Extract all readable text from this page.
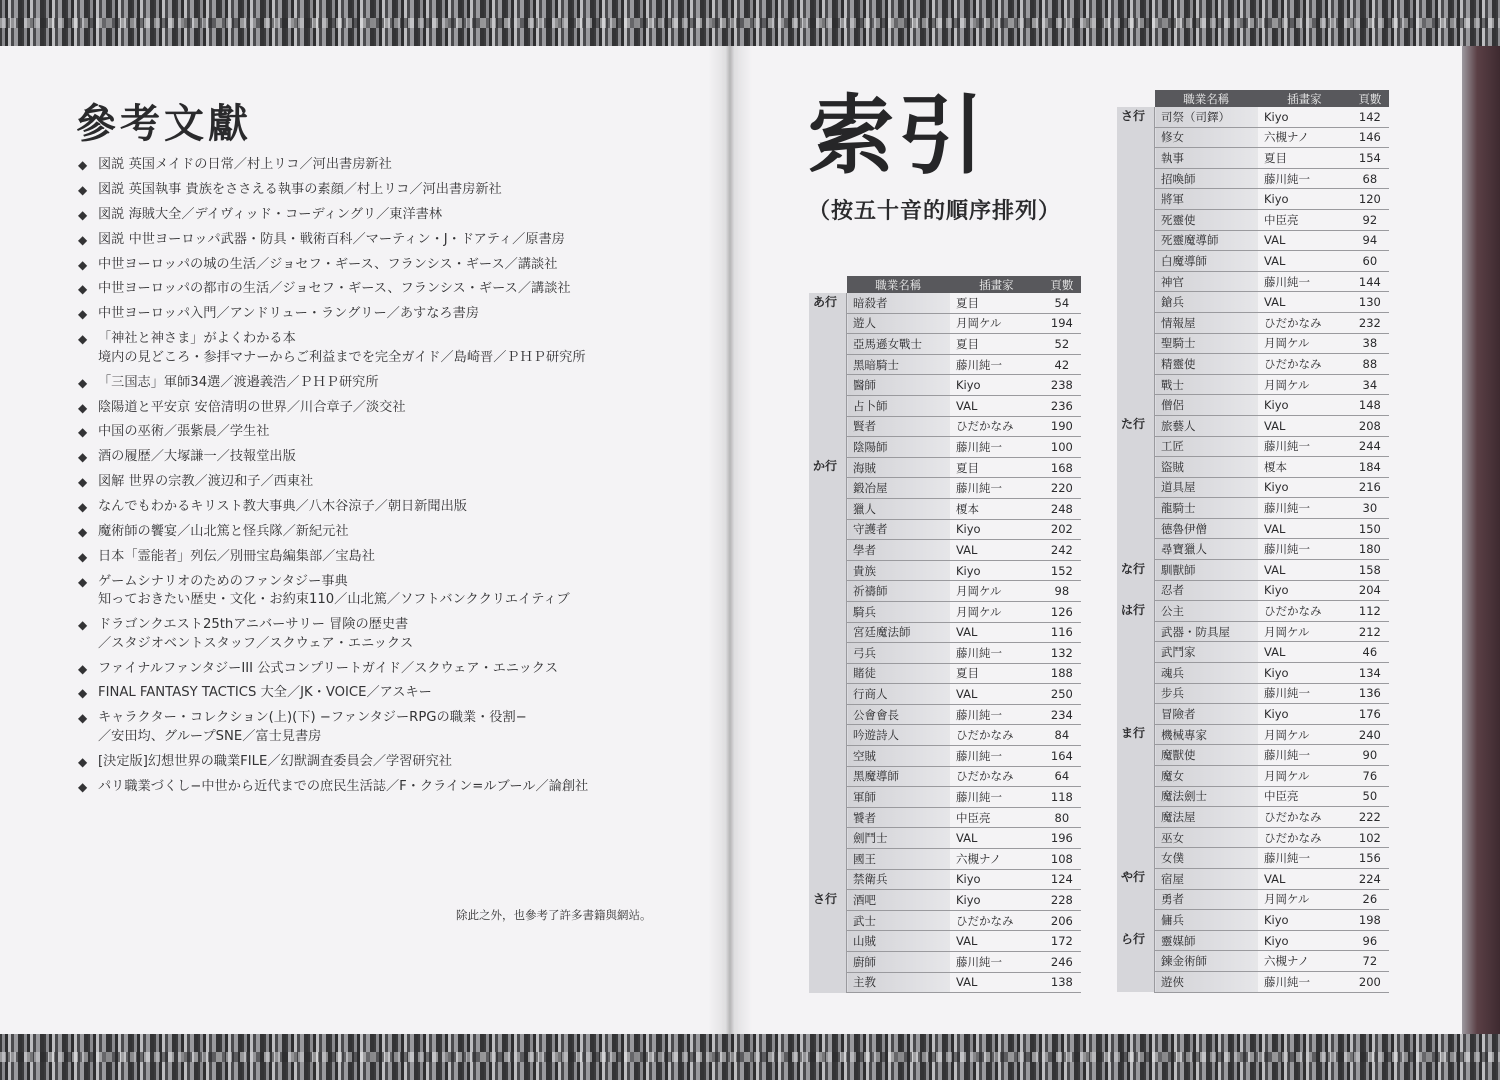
參考文獻
◆ 図説 英国メイドの日常／村上リコ／河出書房新社
◆ 図説 英国執事 貴族をささえる執事の素顔／村上リコ／河出書房新社
◆ 図説 海賊大全／デイヴィッド・コーディングリ／東洋書林
◆ 図説 中世ヨーロッパ武器・防具・戦術百科／マーティン・J・ドアティ／原書房
◆ 中世ヨーロッパの城の生活／ジョセフ・ギース、フランシス・ギース／講談社
◆ 中世ヨーロッパの都市の生活／ジョセフ・ギース、フランシス・ギース／講談社
◆ 中世ヨーロッパ入門／アンドリュー・ラングリー／あすなろ書房
◆ 「神社と神さま」がよくわかる本
境内の見どころ・参拝マナーからご利益までを完全ガイド／島崎晋／ＰＨＰ研究所
◆ 「三国志」軍師34選／渡邉義浩／ＰＨＰ研究所
◆ 陰陽道と平安京 安倍清明の世界／川合章子／淡交社
◆ 中国の巫術／張紫晨／学生社
◆ 酒の履歴／大塚謙一／技報堂出版
◆ 図解 世界の宗教／渡辺和子／西東社
◆ なんでもわかるキリスト教大事典／八木谷涼子／朝日新聞出版
◆ 魔術師の饗宴／山北篤と怪兵隊／新紀元社
◆ 日本「霊能者」列伝／別冊宝島編集部／宝島社
◆ ゲームシナリオのためのファンタジー事典
知っておきたい歴史・文化・お約束110／山北篤／ソフトバンククリエイティブ
◆ ドラゴンクエスト25thアニバーサリー 冒険の歴史書
／スタジオベントスタッフ／スクウェア・エニックス
◆ ファイナルファンタジーIII 公式コンプリートガイド／スクウェア・エニックス
◆ FINAL FANTASY TACTICS 大全／JK・VOICE／アスキー
◆ キャラクター・コレクション(上)(下) −ファンタジーRPGの職業・役割−
／安田均、グループSNE／富士見書房
◆ [決定版]幻想世界の職業FILE／幻獣調査委員会／学習研究社
◆ パリ職業づくし−中世から近代までの庶民生活誌／F・クライン=ルブール／論創社
除此之外，也參考了許多書籍與網站。
索引
（按五十音的順序排列）
	職業名稱	插畫家	頁數
あ行	暗殺者	夏目	54
	遊人	月岡ケル	194
	亞馬遜女戰士	夏目	52
	黑暗騎士	藤川純一	42
	醫師	Kiyo	238
	占卜師	VAL	236
	賢者	ひだかなみ	190
	陰陽師	藤川純一	100
か行	海賊	夏目	168
	鍛冶屋	藤川純一	220
	獵人	榎本	248
	守護者	Kiyo	202
	學者	VAL	242
	貴族	Kiyo	152
	祈禱師	月岡ケル	98
	騎兵	月岡ケル	126
	宮廷魔法師	VAL	116
	弓兵	藤川純一	132
	賭徒	夏目	188
	行商人	VAL	250
	公會會長	藤川純一	234
	吟遊詩人	ひだかなみ	84
	空賊	藤川純一	164
	黑魔導師	ひだかなみ	64
	軍師	藤川純一	118
	饕者	中臣亮	80
	劍鬥士	VAL	196
	國王	六槻ナノ	108
	禁衛兵	Kiyo	124
さ行	酒吧	Kiyo	228
	武士	ひだかなみ	206
	山賊	VAL	172
	廚師	藤川純一	246
	主教	VAL	138
	職業名稱	插畫家	頁數
さ行	司祭（司鐸）	Kiyo	142
	修女	六槻ナノ	146
	執事	夏目	154
	招喚師	藤川純一	68
	將軍	Kiyo	120
	死靈使	中臣亮	92
	死靈魔導師	VAL	94
	白魔導師	VAL	60
	神官	藤川純一	144
	鎗兵	VAL	130
	情報屋	ひだかなみ	232
	聖騎士	月岡ケル	38
	精靈使	ひだかなみ	88
	戰士	月岡ケル	34
	僧侶	Kiyo	148
た行	旅藝人	VAL	208
	工匠	藤川純一	244
	盜賊	榎本	184
	道具屋	Kiyo	216
	龍騎士	藤川純一	30
	德魯伊僧	VAL	150
	尋寶獵人	藤川純一	180
な行	馴獸師	VAL	158
	忍者	Kiyo	204
は行	公主	ひだかなみ	112
	武器・防具屋	月岡ケル	212
	武鬥家	VAL	46
	魂兵	Kiyo	134
	步兵	藤川純一	136
	冒險者	Kiyo	176
ま行	機械專家	月岡ケル	240
	魔獸使	藤川純一	90
	魔女	月岡ケル	76
	魔法劍士	中臣亮	50
	魔法屋	ひだかなみ	222
	巫女	ひだかなみ	102
	女僕	藤川純一	156
や行	宿屋	VAL	224
	勇者	月岡ケル	26
	傭兵	Kiyo	198
ら行	靈媒師	Kiyo	96
	鍊金術師	六槻ナノ	72
	遊俠	藤川純一	200
